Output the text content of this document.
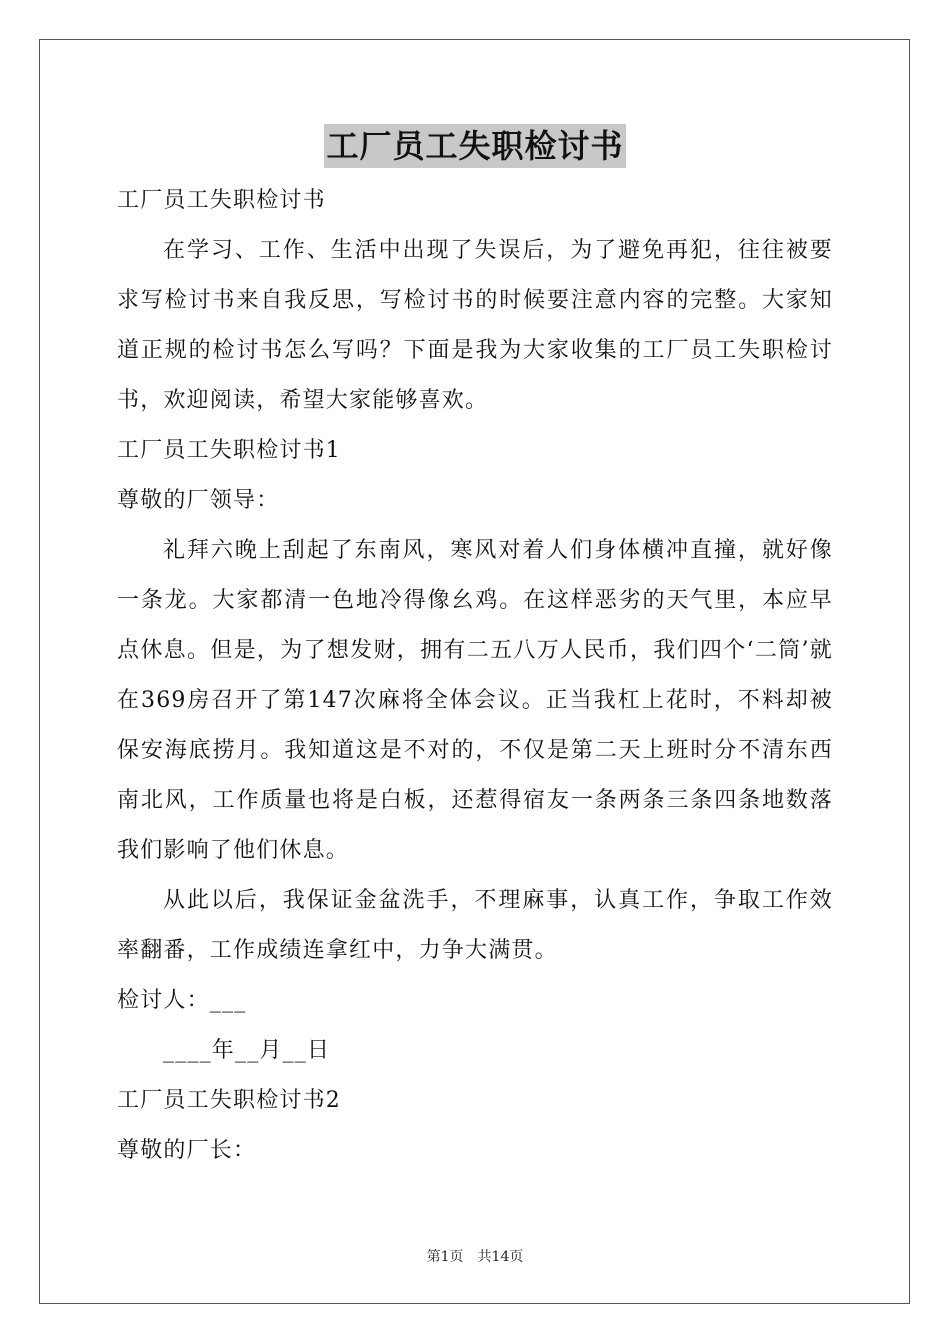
工厂员工失职检讨书

工厂员工失职检讨书

在学习、工作、生活中出现了失误后，为了避免再犯，往往被要求写检讨书来自我反思，写检讨书的时候要注意内容的完整。大家知道正规的检讨书怎么写吗？下面是我为大家收集的工厂员工失职检讨书，欢迎阅读，希望大家能够喜欢。

工厂员工失职检讨书1

尊敬的厂领导：

礼拜六晚上刮起了东南风，寒风对着人们身体横冲直撞，就好像一条龙。大家都清一色地冷得像幺鸡。在这样恶劣的天气里，本应早点休息。但是，为了想发财，拥有二五八万人民币，我们四个‘二筒’就在369房召开了第147次麻将全体会议。正当我杠上花时，不料却被保安海底捞月。我知道这是不对的，不仅是第二天上班时分不清东西南北风，工作质量也将是白板，还惹得宿友一条两条三条四条地数落我们影响了他们休息。

从此以后，我保证金盆洗手，不理麻事，认真工作，争取工作效率翻番，工作成绩连拿红中，力争大满贯。

检讨人：___

____年__月__日

工厂员工失职检讨书2

尊敬的厂长：

第1页　共14页
